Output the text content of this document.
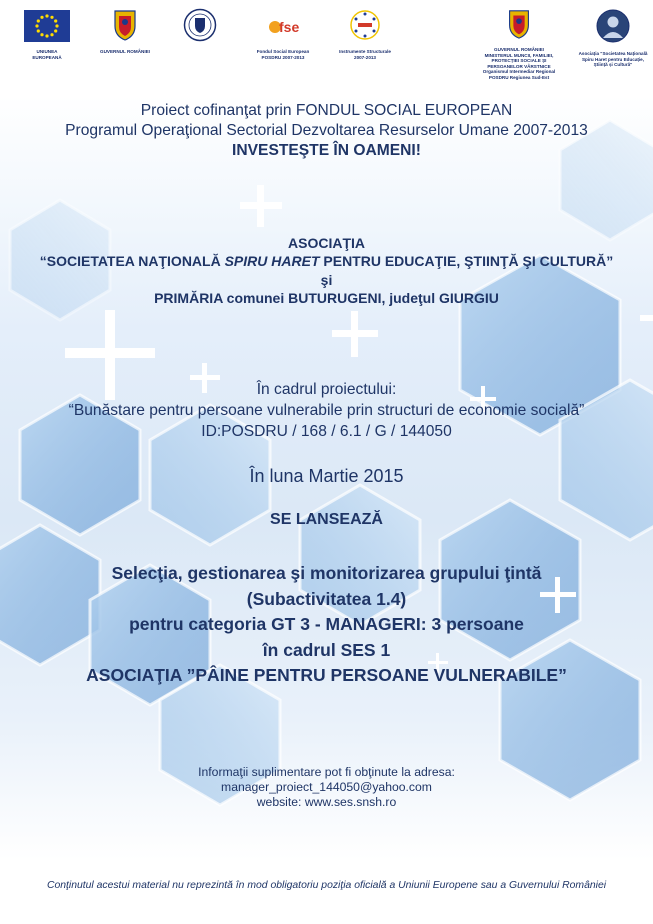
UNIUNEA EUROPEANĂ
GUVERNUL ROMÂNIEI
fse
Fondul Social European
POSDRU 2007-2013
Instrumente Structurale
2007-2013
GUVERNUL ROMÂNIEI
MINISTERUL MUNCII, FAMILIEI,
PROTECȚIEI SOCIALE ȘI
PERSOANELOR VÂRSTNICE
Organismul Intermediar Regional
POSDRU Regiunea Sud-Est
Asociația "Societatea Națională
Spiru Haret pentru Educație,
Știință și Cultură"
Proiect cofinanţat prin FONDUL SOCIAL EUROPEAN
Programul Operaţional Sectorial Dezvoltarea Resurselor Umane 2007-2013
INVESTEŞTE ÎN OAMENI!
ASOCIAŢIA
“SOCIETATEA NAŢIONALĂ SPIRU HARET PENTRU EDUCAŢIE, ŞTIINŢĂ ŞI CULTURĂ”
şi
PRIMĂRIA comunei BUTURUGENI, judeţul GIURGIU
În cadrul proiectului:
“Bunăstare pentru persoane vulnerabile prin structuri de economie socială”
ID:POSDRU / 168 / 6.1 / G / 144050
În luna Martie 2015
SE LANSEAZĂ
Selecţia, gestionarea şi monitorizarea grupului ţintă
(Subactivitatea 1.4)
pentru categoria GT 3 - MANAGERI: 3 persoane
în cadrul SES 1
ASOCIAŢIA ”PÂINE PENTRU PERSOANE VULNERABILE”
Informaţii suplimentare pot fi obţinute la adresa:
manager_proiect_144050@yahoo.com
website: www.ses.snsh.ro
Conţinutul acestui material nu reprezintă în mod obligatoriu poziţia oficială a Uniunii Europene sau a Guvernului României
